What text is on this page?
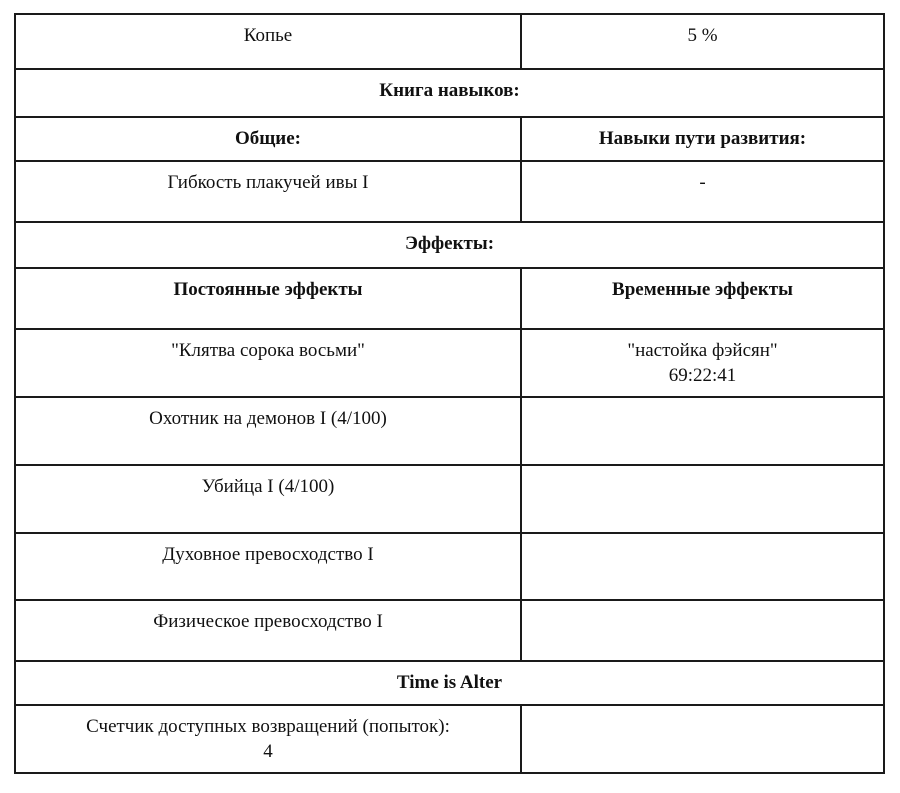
Копье	5 %

Книга навыков:	

Общие:	Навыки пути развития:

Гибкость плакучей ивы I	-

Эффекты:	

Постоянные эффекты	Временные эффекты

"Клятва сорока восьми"	"настойка фэйсян"
69:22:41

Охотник на демонов I (4/100)	

Убийца I (4/100)	

Духовное превосходство I	

Физическое превосходство I	

Time is Alter	

Счетчик доступных возвращений (попыток):
4	
